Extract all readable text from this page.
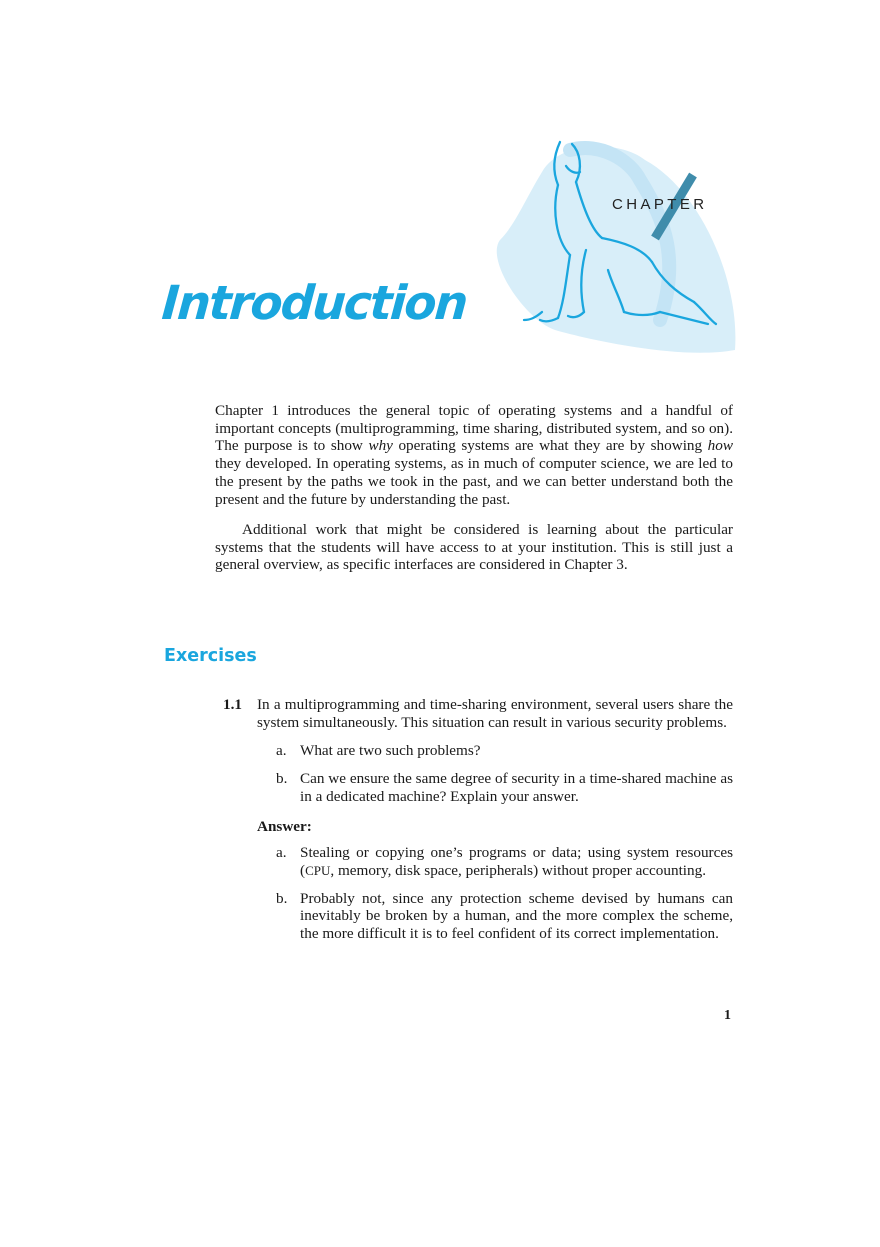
CHAPTER
Introduction

Chapter 1 introduces the general topic of operating systems and a handful of important concepts (multiprogramming, time sharing, distributed system, and so on). The purpose is to show why operating systems are what they are by showing how they developed. In operating systems, as in much of computer science, we are led to the present by the paths we took in the past, and we can better understand both the present and the future by understanding the past.

Additional work that might be considered is learning about the particular systems that the students will have access to at your institution. This is still just a general overview, as specific interfaces are considered in Chapter 3.

Exercises
1.1 In a multiprogramming and time-sharing environment, several users share the system simultaneously. This situation can result in various security problems.

a. What are two such problems?
b. Can we ensure the same degree of security in a time-shared machine as in a dedicated machine? Explain your answer.

Answer:

a. Stealing or copying one’s programs or data; using system resources (CPU, memory, disk space, peripherals) without proper accounting.
b. Probably not, since any protection scheme devised by humans can inevitably be broken by a human, and the more complex the scheme, the more difficult it is to feel confident of its correct implementation.
1
